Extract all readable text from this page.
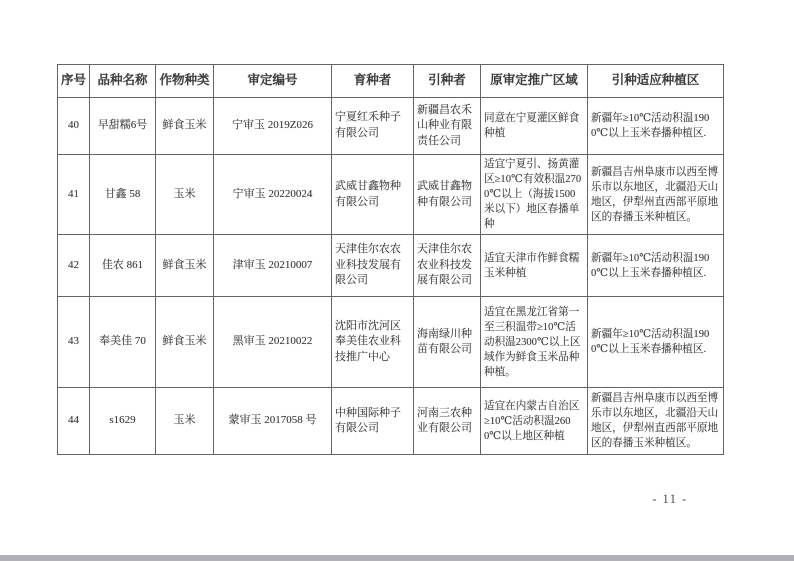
序号	品种名称	作物种类	审定编号	育种者	引种者	原审定推广区域	引种适应种植区
40	早甜糯6号	鲜食玉米	宁审玉 2019Z026	宁夏红禾种子有限公司	新疆昌农禾山种业有限责任公司	同意在宁夏灌区鲜食种植	新疆年≥10℃活动积温1900℃以上玉米春播种植区.
41	甘鑫 58	玉米	宁审玉 20220024	武威甘鑫物种有限公司	武威甘鑫物种有限公司	适宜宁夏引、扬黄灌区≥10℃有效积温2700℃以上（海拔1500米以下）地区春播单种	新疆昌吉州阜康市以西至博乐市以东地区，北疆沿天山地区，伊犁州直西部平原地区的春播玉米种植区。
42	佳农 861	鲜食玉米	津审玉 20210007	天津佳尔农农业科技发展有限公司	天津佳尔农农业科技发展有限公司	适宜天津市作鲜食糯玉米种植	新疆年≥10℃活动积温1900℃以上玉米春播种植区.
43	奉美佳 70	鲜食玉米	黑审玉 20210022	沈阳市沈河区奉美佳农业科技推广中心	海南绿川种苗有限公司	适宜在黑龙江省第一至三积温带≥10℃活动积温2300℃以上区域作为鲜食玉米品种种植。	新疆年≥10℃活动积温1900℃以上玉米春播种植区.
44	s1629	玉米	蒙审玉 2017058 号	中种国际种子有限公司	河南三农种业有限公司	适宜在内蒙古自治区≥10℃活动积温2600℃以上地区种植	新疆昌吉州阜康市以西至博乐市以东地区，北疆沿天山地区，伊犁州直西部平原地区的春播玉米种植区。
- 11 -
